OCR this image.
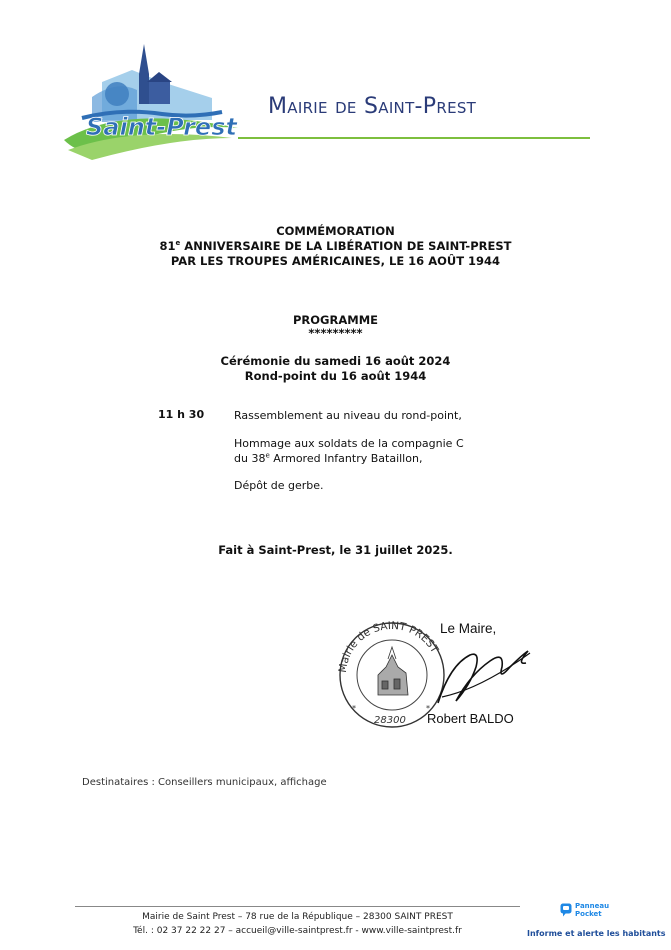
Saint-Prest
Mairie de Saint-Prest
COMMÉMORATION
81e ANNIVERSAIRE DE LA LIBÉRATION DE SAINT-PREST
PAR LES TROUPES AMÉRICAINES, LE 16 AOÛT 1944
PROGRAMME
*********
Cérémonie du samedi 16 août 2024
Rond-point du 16 août 1944
11 h 30	Rassemblement au niveau du rond-point,
Hommage aux soldats de la compagnie C
du 38e Armored Infantry Bataillon,
Dépôt de gerbe.
Fait à Saint-Prest, le 31 juillet 2025.
Mairie de SAINT PREST
28300
*	*
Le Maire,
Robert BALDO
Destinataires : Conseillers municipaux, affichage
Mairie de Saint Prest – 78 rue de la République – 28300 SAINT PREST
Tél. : 02 37 22 22 27 – accueil@ville-saintprest.fr - www.ville-saintprest.fr
Panneau
Pocket
Informe et alerte les habitants
